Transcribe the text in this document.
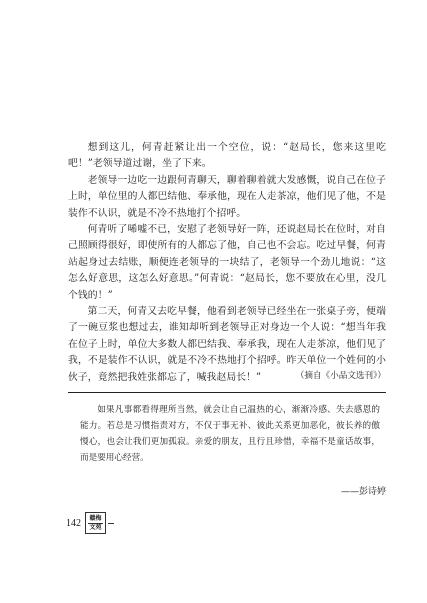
想到这儿，何青赶紧让出一个空位，说：“赵局长，您来这里吃吧！”老领导道过谢，坐了下来。

老领导一边吃一边跟何青聊天，聊着聊着就大发感慨，说自己在位子上时，单位里的人都巴结他、奉承他，现在人走茶凉，他们见了他，不是装作不认识，就是不冷不热地打个招呼。

何青听了唏嘘不已，安慰了老领导好一阵，还说赵局长在位时，对自己照顾得很好，即使所有的人都忘了他，自己也不会忘。吃过早餐，何青站起身过去结账，顺便连老领导的一块结了，老领导一个劲儿地说：“这怎么好意思，这怎么好意思。”何青说：“赵局长，您不要放在心里，没几个钱的！”

第二天，何青又去吃早餐，他看到老领导已经坐在一张桌子旁，便端了一碗豆浆也想过去，谁知却听到老领导正对身边一个人说：“想当年我在位子上时，单位大多数人都巴结我、奉承我，现在人走茶凉，他们见了我，不是装作不认识，就是不冷不热地打个招呼。昨天单位一个姓何的小伙子，竟然把我姓张都忘了，喊我赵局长！”	（摘自《小品文选刊》）

如果凡事都看得理所当然，就会让自己温热的心，渐渐冷感、失去感恩的能力。若总是习惯指责对方，不仅于事无补、彼此关系更加恶化，彼长养的傲慢心，也会让我们更加孤寂。亲爱的朋友，且行且珍惜，幸福不是童话故事，而是要用心经营。

——彭诗婷
142 赣梅
文苑
